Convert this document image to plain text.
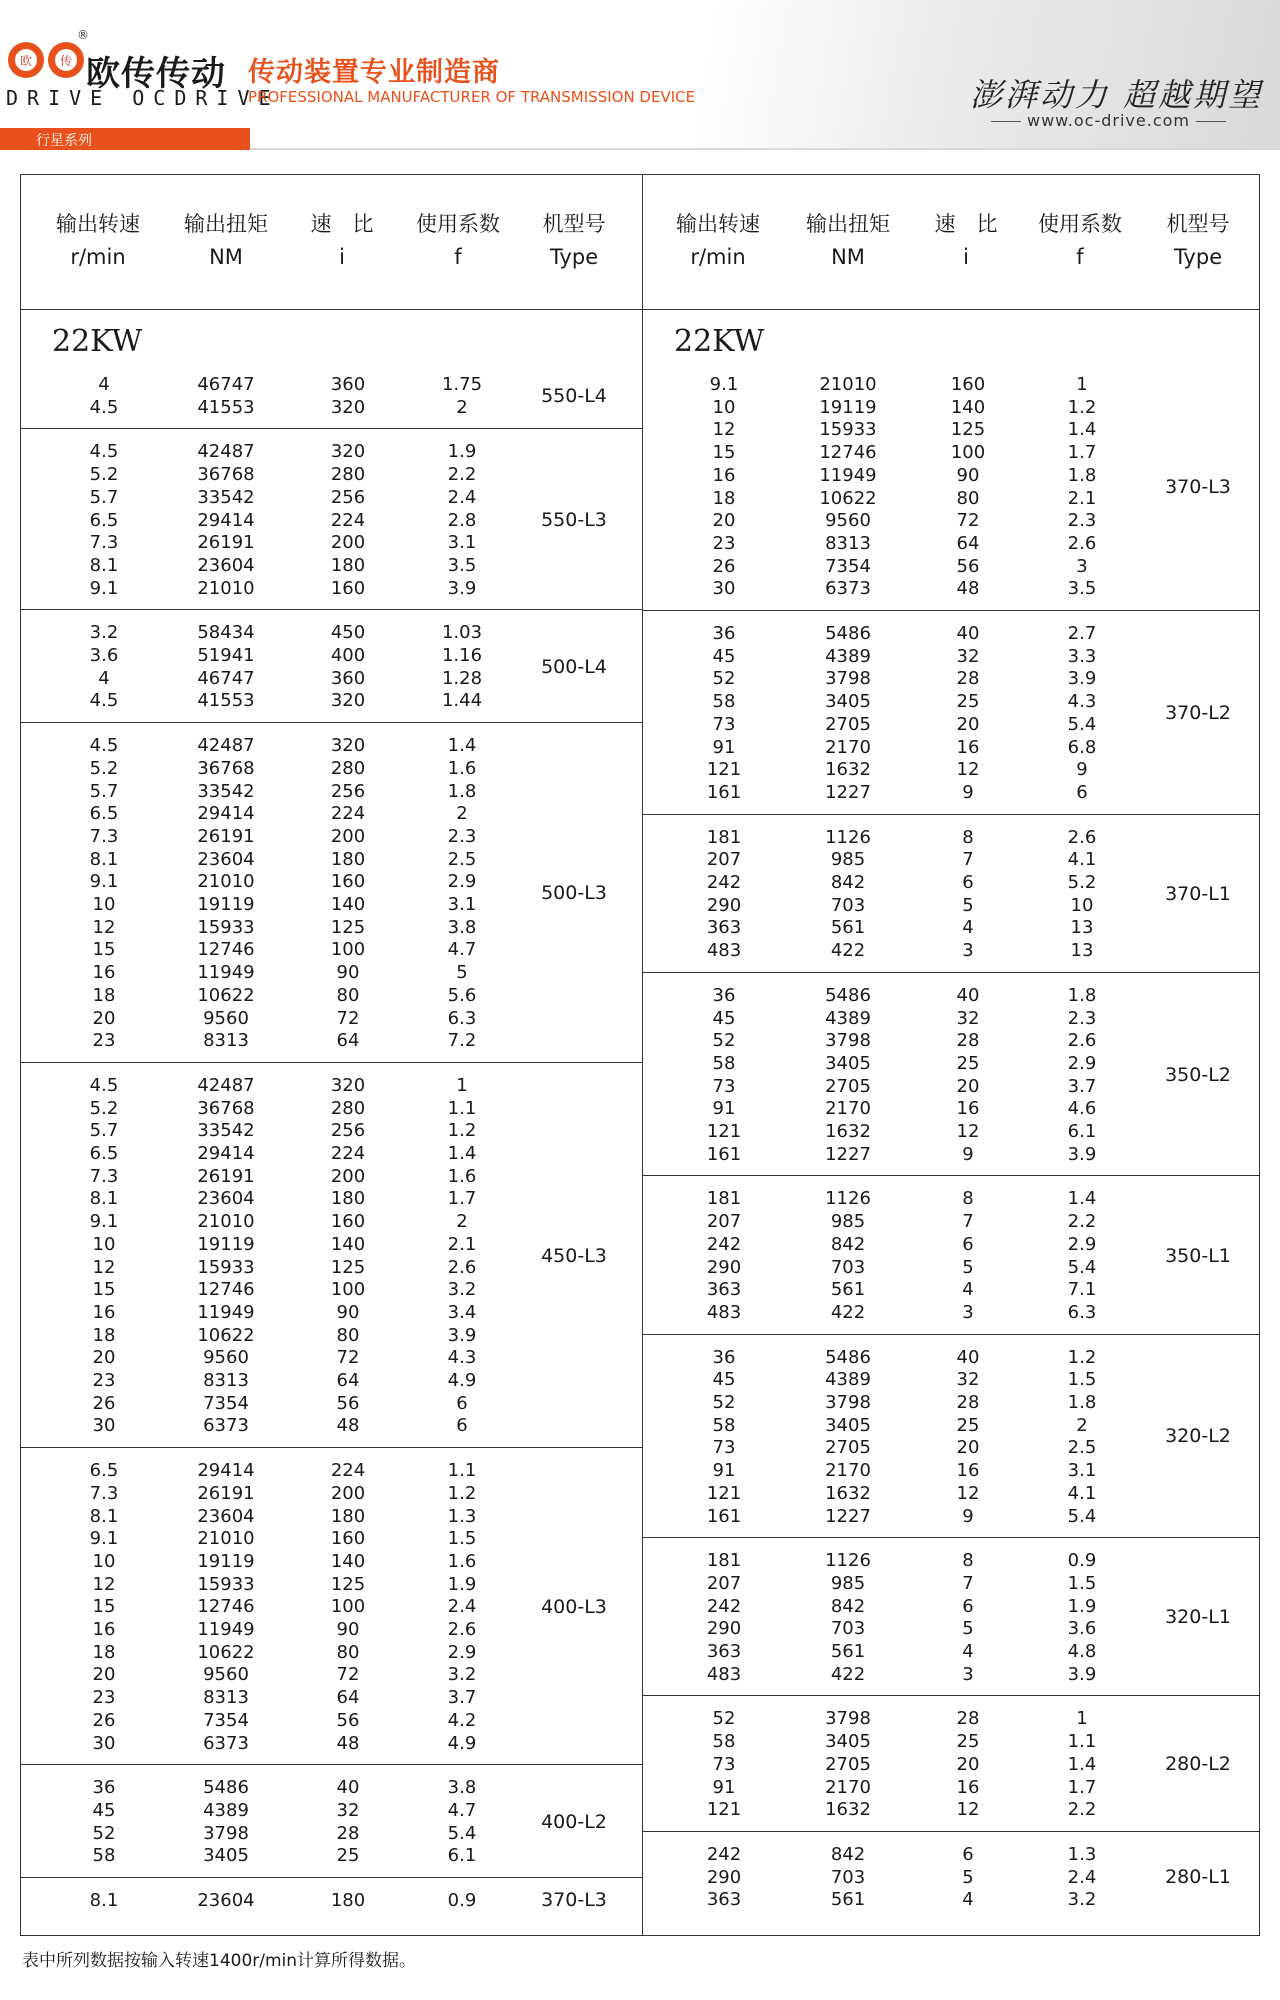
欧 传
®
欧传传动
DRIVE OCDRIVE
传动装置专业制造商
PROFESSIONAL MANUFACTURER OF TRANSMISSION DEVICE	澎湃动力 超越期望
www.oc-drive.com
行星系列
输出转速
r/min
输出扭矩
NM
速　比
i
使用系数
f
机型号
Type
输出转速
r/min
输出扭矩
NM
速　比
i
使用系数
f
机型号
Type
22KW	22KW
4	46747	360	1.75
4.5	41553	320	2
550-L4
4.5	42487	320	1.9
5.2	36768	280	2.2
5.7	33542	256	2.4
6.5	29414	224	2.8
7.3	26191	200	3.1
8.1	23604	180	3.5
9.1	21010	160	3.9
550-L3
3.2	58434	450	1.03
3.6	51941	400	1.16
4	46747	360	1.28
4.5	41553	320	1.44
500-L4
4.5	42487	320	1.4
5.2	36768	280	1.6
5.7	33542	256	1.8
6.5	29414	224	2
7.3	26191	200	2.3
8.1	23604	180	2.5
9.1	21010	160	2.9
10	19119	140	3.1
12	15933	125	3.8
15	12746	100	4.7
16	11949	90	5
18	10622	80	5.6
20	9560	72	6.3
23	8313	64	7.2
500-L3
4.5	42487	320	1
5.2	36768	280	1.1
5.7	33542	256	1.2
6.5	29414	224	1.4
7.3	26191	200	1.6
8.1	23604	180	1.7
9.1	21010	160	2
10	19119	140	2.1
12	15933	125	2.6
15	12746	100	3.2
16	11949	90	3.4
18	10622	80	3.9
20	9560	72	4.3
23	8313	64	4.9
26	7354	56	6
30	6373	48	6
450-L3
6.5	29414	224	1.1
7.3	26191	200	1.2
8.1	23604	180	1.3
9.1	21010	160	1.5
10	19119	140	1.6
12	15933	125	1.9
15	12746	100	2.4
16	11949	90	2.6
18	10622	80	2.9
20	9560	72	3.2
23	8313	64	3.7
26	7354	56	4.2
30	6373	48	4.9
400-L3
36	5486	40	3.8
45	4389	32	4.7
52	3798	28	5.4
58	3405	25	6.1
400-L2
8.1	23604	180	0.9	370-L3
9.1	21010	160	1
10	19119	140	1.2
12	15933	125	1.4
15	12746	100	1.7
16	11949	90	1.8
18	10622	80	2.1
20	9560	72	2.3
23	8313	64	2.6
26	7354	56	3
30	6373	48	3.5
370-L3
36	5486	40	2.7
45	4389	32	3.3
52	3798	28	3.9
58	3405	25	4.3
73	2705	20	5.4
91	2170	16	6.8
121	1632	12	9
161	1227	9	6
370-L2
181	1126	8	2.6
207	985	7	4.1
242	842	6	5.2
290	703	5	10
363	561	4	13
483	422	3	13
370-L1
36	5486	40	1.8
45	4389	32	2.3
52	3798	28	2.6
58	3405	25	2.9
73	2705	20	3.7
91	2170	16	4.6
121	1632	12	6.1
161	1227	9	3.9
350-L2
181	1126	8	1.4
207	985	7	2.2
242	842	6	2.9
290	703	5	5.4
363	561	4	7.1
483	422	3	6.3
350-L1
36	5486	40	1.2
45	4389	32	1.5
52	3798	28	1.8
58	3405	25	2
73	2705	20	2.5
91	2170	16	3.1
121	1632	12	4.1
161	1227	9	5.4
320-L2
181	1126	8	0.9
207	985	7	1.5
242	842	6	1.9
290	703	5	3.6
363	561	4	4.8
483	422	3	3.9
320-L1
52	3798	28	1
58	3405	25	1.1
73	2705	20	1.4
91	2170	16	1.7
121	1632	12	2.2
280-L2
242	842	6	1.3
290	703	5	2.4
363	561	4	3.2
280-L1
表中所列数据按输入转速1400r/min计算所得数据。
